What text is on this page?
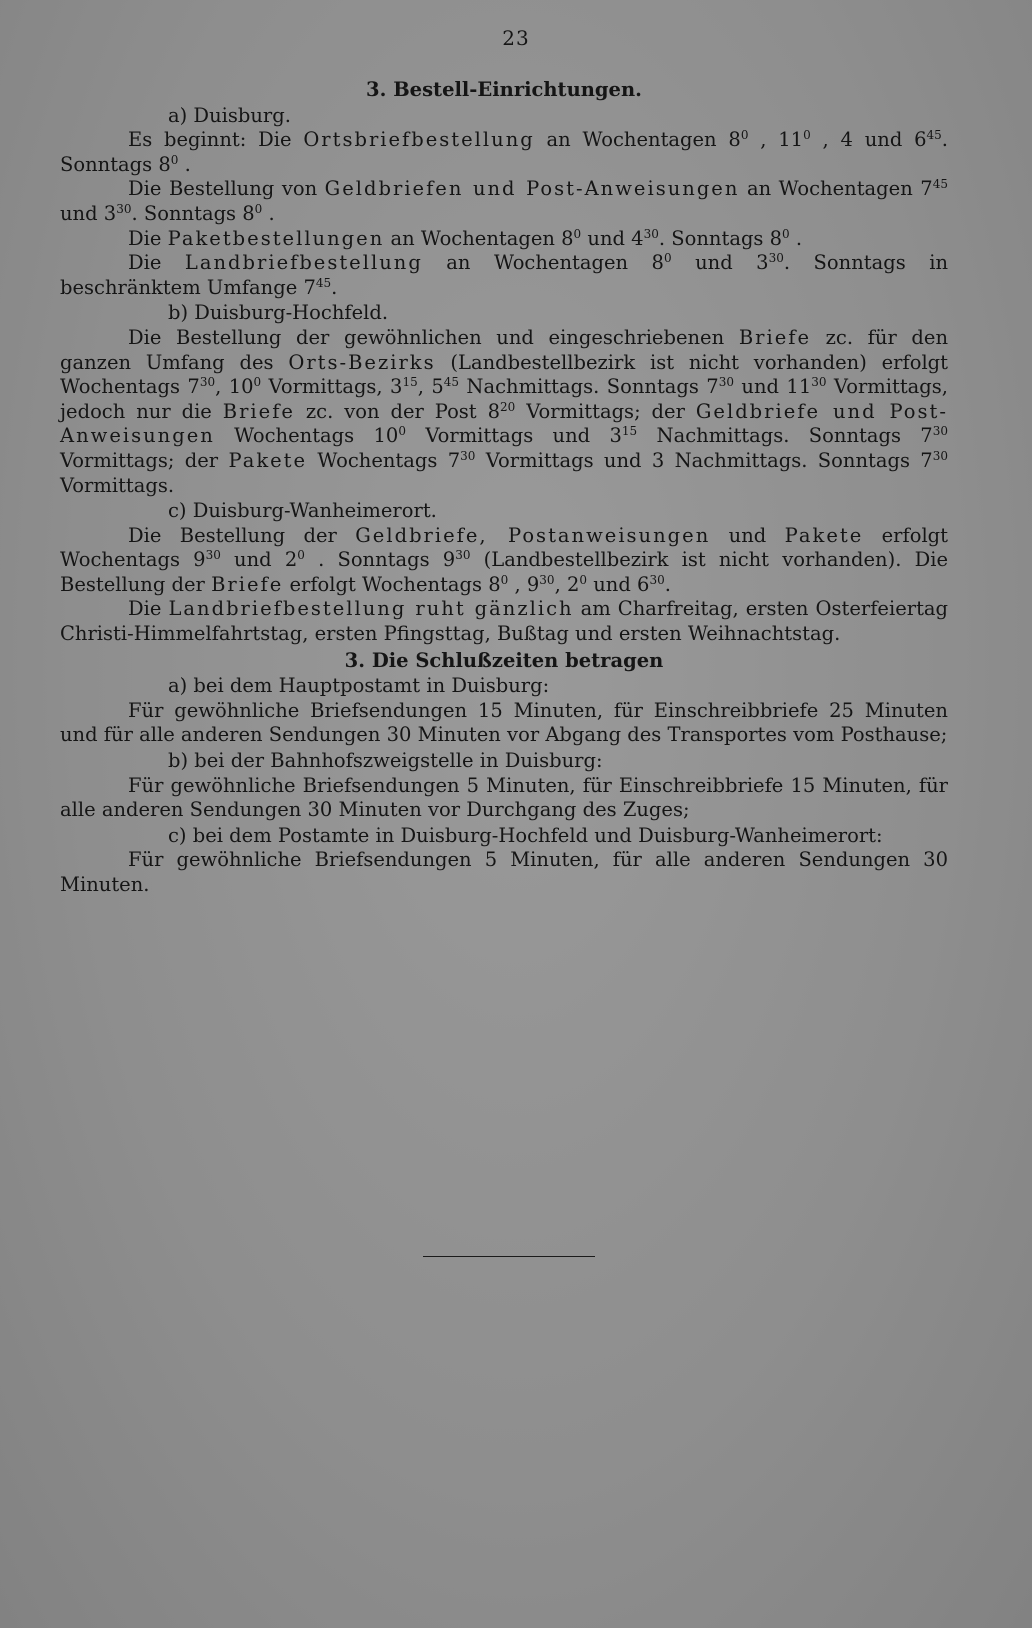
23
3. Bestell-Einrichtungen.
a) Duisburg.

Es beginnt: Die Ortsbriefbestellung an Wochentagen $8^0$ , $11^0$ , 4 und $6^{45}$. Sonntags $8^0$ .

Die Bestellung von Geldbriefen und Post-Anweisungen an Wochentagen $7^{45}$ und $3^{30}$. Sonntags $8^0$ .

Die Paketbestellungen an Wochentagen $8^0$ und $4^{30}$. Sonntags $8^0$ .

Die Landbriefbestellung an Wochentagen $8^0$ und $3^{30}$. Sonntags in beschränktem Umfange $7^{45}$.

b) Duisburg-Hochfeld.

Die Bestellung der gewöhnlichen und eingeschriebenen Briefe zc. für den ganzen Umfang des Orts-Bezirks (Landbestellbezirk ist nicht vorhanden) erfolgt Wochentags $7^{30}$, $10^0$ Vormittags, $3^{15}$, $5^{45}$ Nachmittags. Sonntags $7^{30}$ und $11^{30}$ Vormittags, jedoch nur die Briefe zc. von der Post $8^{20}$ Vormittags; der Geldbriefe und Post-Anweisungen Wochentags $10^0$ Vormittags und $3^{15}$ Nachmittags. Sonntags $7^{30}$ Vormittags; der Pakete Wochentags $7^{30}$ Vormittags und 3 Nachmittags. Sonntags $7^{30}$ Vormittags.

c) Duisburg-Wanheimerort.

Die Bestellung der Geldbriefe, Postanweisungen und Pakete erfolgt Wochentags $9^{30}$ und $2^0$ . Sonntags $9^{30}$ (Landbestellbezirk ist nicht vorhanden). Die Bestellung der Briefe erfolgt Wochentags $8^0$ , $9^{30}$, $2^0$ und $6^{30}$.

Die Landbriefbestellung ruht gänzlich am Charfreitag, ersten Osterfeiertag Christi-Himmelfahrtstag, ersten Pfingsttag, Bußtag und ersten Weihnachtstag.

3. Die Schlußzeiten betragen
a) bei dem Hauptpostamt in Duisburg:

Für gewöhnliche Briefsendungen 15 Minuten, für Einschreibbriefe 25 Minuten und für alle anderen Sendungen 30 Minuten vor Abgang des Transportes vom Posthause;

b) bei der Bahnhofszweigstelle in Duisburg:

Für gewöhnliche Briefsendungen 5 Minuten, für Einschreibbriefe 15 Minuten, für alle anderen Sendungen 30 Minuten vor Durchgang des Zuges;

c) bei dem Postamte in Duisburg-Hochfeld und Duisburg-Wanheimerort:

Für gewöhnliche Briefsendungen 5 Minuten, für alle anderen Sendungen 30 Minuten.
